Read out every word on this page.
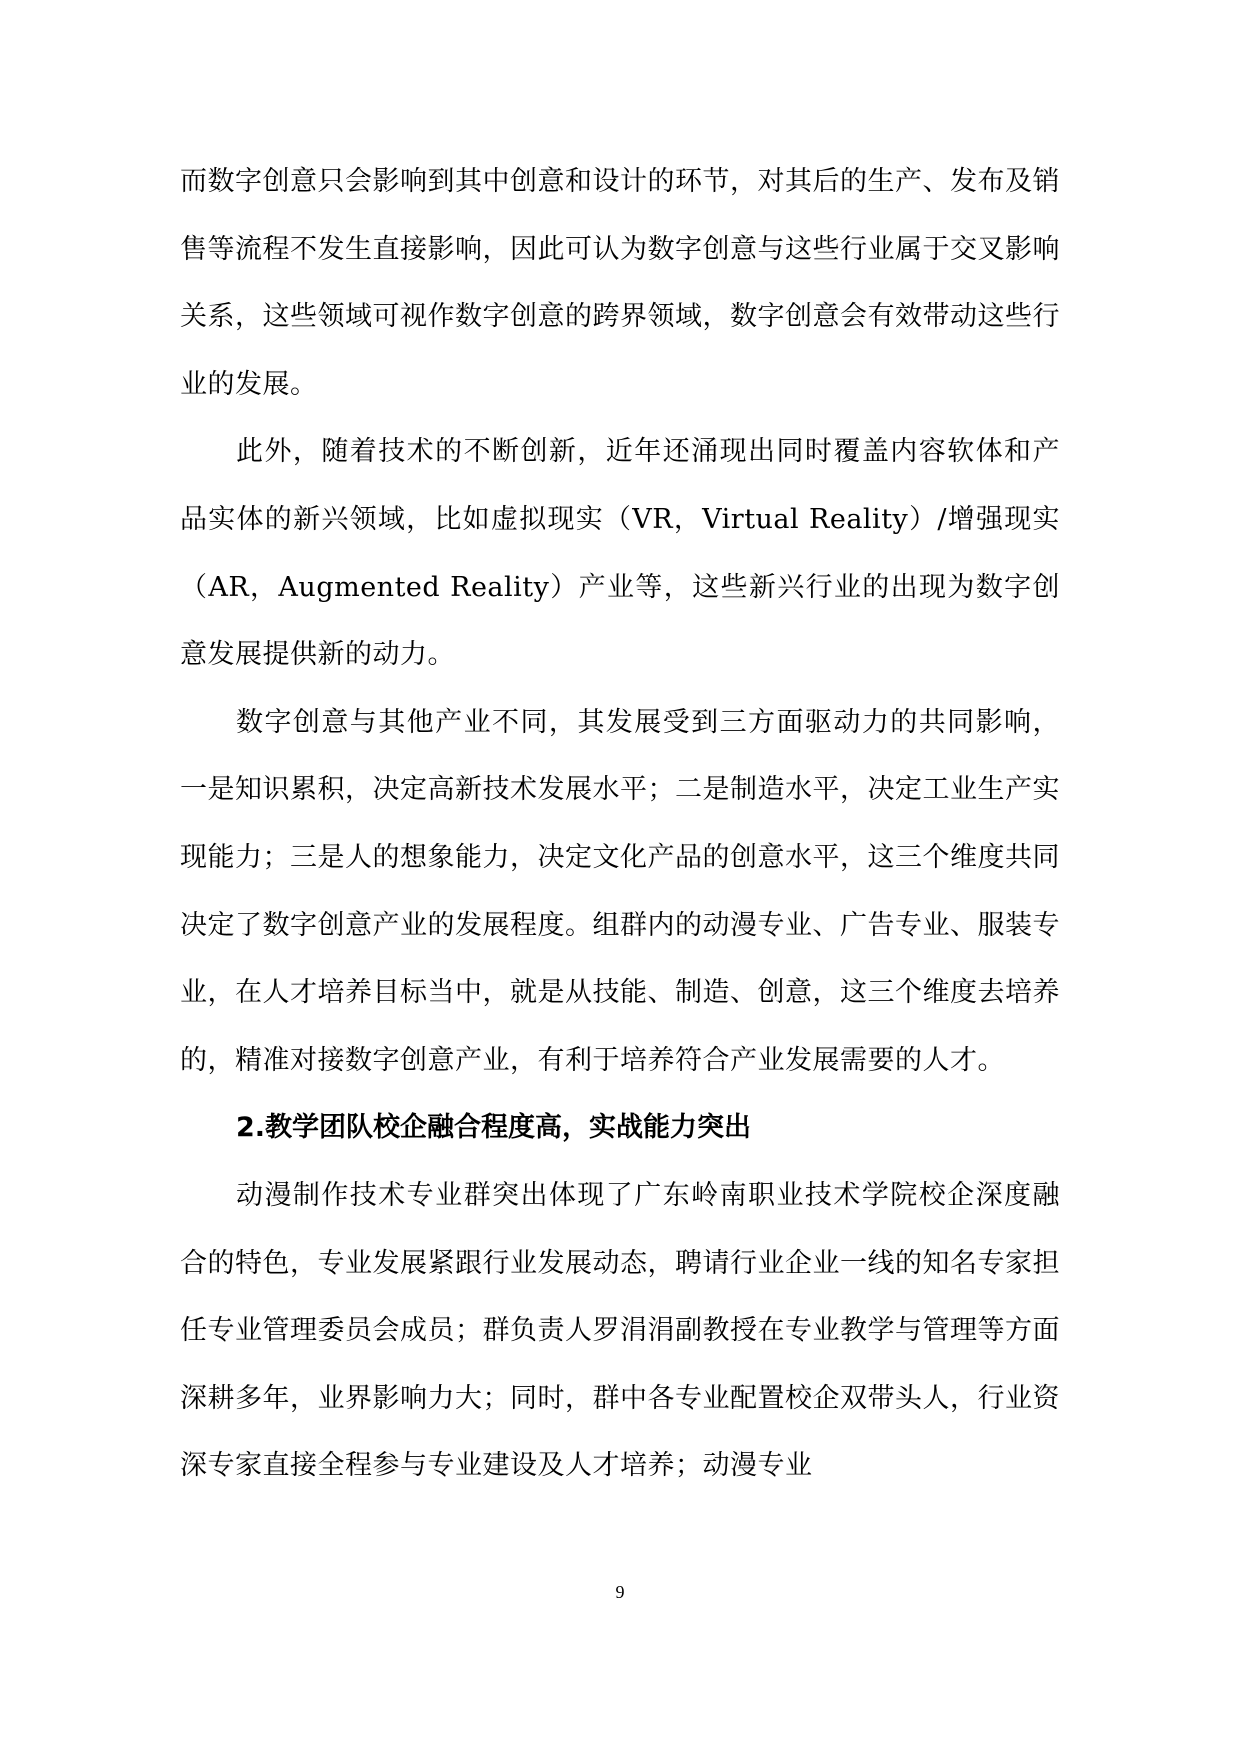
而数字创意只会影响到其中创意和设计的环节，对其后的生产、发布及销售等流程不发生直接影响，因此可认为数字创意与这些行业属于交叉影响关系，这些领域可视作数字创意的跨界领域，数字创意会有效带动这些行业的发展。

此外，随着技术的不断创新，近年还涌现出同时覆盖内容软体和产品实体的新兴领域，比如虚拟现实（VR，Virtual Reality）/增强现实（AR，Augmented Reality）产业等，这些新兴行业的出现为数字创意发展提供新的动力。

数字创意与其他产业不同，其发展受到三方面驱动力的共同影响，一是知识累积，决定高新技术发展水平；二是制造水平，决定工业生产实现能力；三是人的想象能力，决定文化产品的创意水平，这三个维度共同决定了数字创意产业的发展程度。组群内的动漫专业、广告专业、服装专业，在人才培养目标当中，就是从技能、制造、创意，这三个维度去培养的，精准对接数字创意产业，有利于培养符合产业发展需要的人才。

2.教学团队校企融合程度高，实战能力突出

动漫制作技术专业群突出体现了广东岭南职业技术学院校企深度融合的特色，专业发展紧跟行业发展动态，聘请行业企业一线的知名专家担任专业管理委员会成员；群负责人罗涓涓副教授在专业教学与管理等方面深耕多年，业界影响力大；同时，群中各专业配置校企双带头人，行业资深专家直接全程参与专业建设及人才培养；动漫专业

9
